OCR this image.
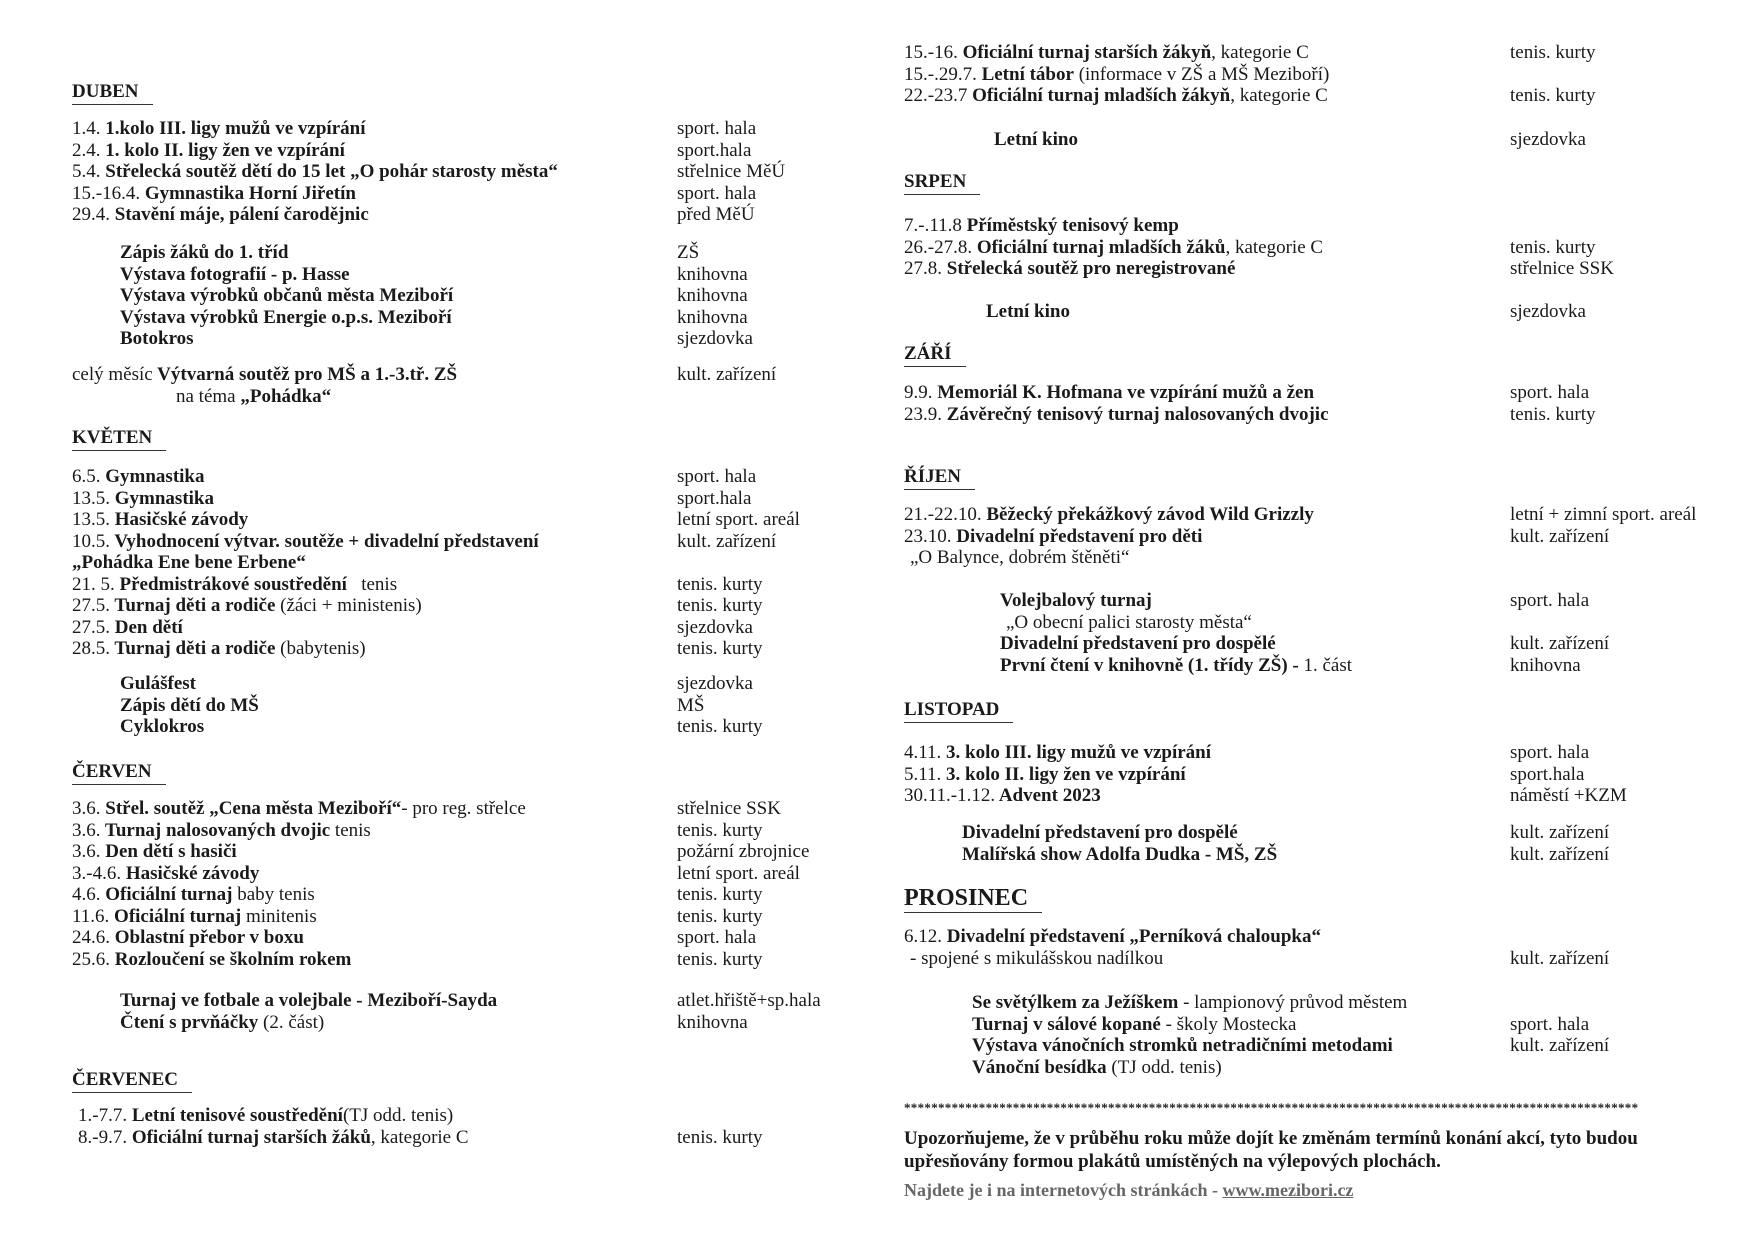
DUBEN
1.4. 1.kolo III. ligy mužů ve vzpírání	sport. hala
2.4. 1. kolo II. ligy žen ve vzpírání	sport.hala
5.4. Střelecká soutěž dětí do 15 let „O pohár starosty města“	střelnice MěÚ
15.-16.4. Gymnastika Horní Jiřetín	sport. hala
29.4. Stavění máje, pálení čarodějnic	před MěÚ
Zápis žáků do 1. tříd	ZŠ
Výstava fotografií - p. Hasse	knihovna
Výstava výrobků občanů města Meziboří	knihovna
Výstava výrobků Energie o.p.s. Meziboří	knihovna
Botokros	sjezdovka
celý měsíc Výtvarná soutěž pro MŠ a 1.-3.tř. ZŠ	kult. zařízení
na téma „Pohádka“
KVĚTEN
6.5. Gymnastika	sport. hala
13.5. Gymnastika	sport.hala
13.5. Hasičské závody	letní sport. areál
10.5. Vyhodnocení výtvar. soutěže + divadelní představení	kult. zařízení
„Pohádka Ene bene Erbene“
21. 5. Předmistrákové soustředění   tenis	tenis. kurty
27.5. Turnaj děti a rodiče (žáci + ministenis)	tenis. kurty
27.5. Den dětí	sjezdovka
28.5. Turnaj děti a rodiče (babytenis)	tenis. kurty
Gulášfest	sjezdovka
Zápis dětí do MŠ	MŠ
Cyklokros	tenis. kurty
ČERVEN
3.6. Střel. soutěž „Cena města Meziboří“- pro reg. střelce	střelnice SSK
3.6. Turnaj nalosovaných dvojic tenis	tenis. kurty
3.6. Den dětí s hasiči	požární zbrojnice
3.-4.6. Hasičské závody	letní sport. areál
4.6. Oficiální turnaj baby tenis	tenis. kurty
11.6. Oficiální turnaj minitenis	tenis. kurty
24.6. Oblastní přebor v boxu	sport. hala
25.6. Rozloučení se školním rokem	tenis. kurty
Turnaj ve fotbale a volejbale - Meziboří-Sayda	atlet.hřiště+sp.hala
Čtení s prvňáčky (2. část)	knihovna
ČERVENEC
1.-7.7. Letní tenisové soustředění(TJ odd. tenis)
8.-9.7. Oficiální turnaj starších žáků, kategorie C	tenis. kurty
15.-16. Oficiální turnaj starších žákyň, kategorie C	tenis. kurty
15.-.29.7. Letní tábor (informace v ZŠ a MŠ Meziboří)
22.-23.7 Oficiální turnaj mladších žákyň, kategorie C	tenis. kurty
Letní kino	sjezdovka
SRPEN
7.-.11.8 Příměstský tenisový kemp
26.-27.8. Oficiální turnaj mladších žáků, kategorie C	tenis. kurty
27.8. Střelecká soutěž pro neregistrované	střelnice SSK
Letní kino	sjezdovka
ZÁŘÍ
9.9. Memoriál K. Hofmana ve vzpírání mužů a žen	sport. hala
23.9. Závěrečný tenisový turnaj nalosovaných dvojic	tenis. kurty
ŘÍJEN
21.-22.10. Běžecký překážkový závod Wild Grizzly	letní + zimní sport. areál
23.10. Divadelní představení pro děti	kult. zařízení
„O Balynce, dobrém štěněti“
Volejbalový turnaj	sport. hala
„O obecní palici starosty města“
Divadelní představení pro dospělé	kult. zařízení
První čtení v knihovně (1. třídy ZŠ) - 1. část	knihovna
LISTOPAD
4.11. 3. kolo III. ligy mužů ve vzpírání	sport. hala
5.11. 3. kolo II. ligy žen ve vzpírání	sport.hala
30.11.-1.12. Advent 2023	náměstí +KZM
Divadelní představení pro dospělé	kult. zařízení
Malířská show Adolfa Dudka - MŠ, ZŠ	kult. zařízení
PROSINEC
6.12. Divadelní představení „Perníková chaloupka“
- spojené s mikulášskou nadílkou	kult. zařízení
Se světýlkem za Ježíškem - lampionový průvod městem
Turnaj v sálové kopané - školy Mostecka	sport. hala
Výstava vánočních stromků netradičními metodami	kult. zařízení
Vánoční besídka (TJ odd. tenis)
************************************************************************************************************
Upozorňujeme, že v průběhu roku může dojít ke změnám termínů konání akcí, tyto budou upřesňovány formou plakátů umístěných na výlepových plochách.
Najdete je i na internetových stránkách - www.mezibori.cz
